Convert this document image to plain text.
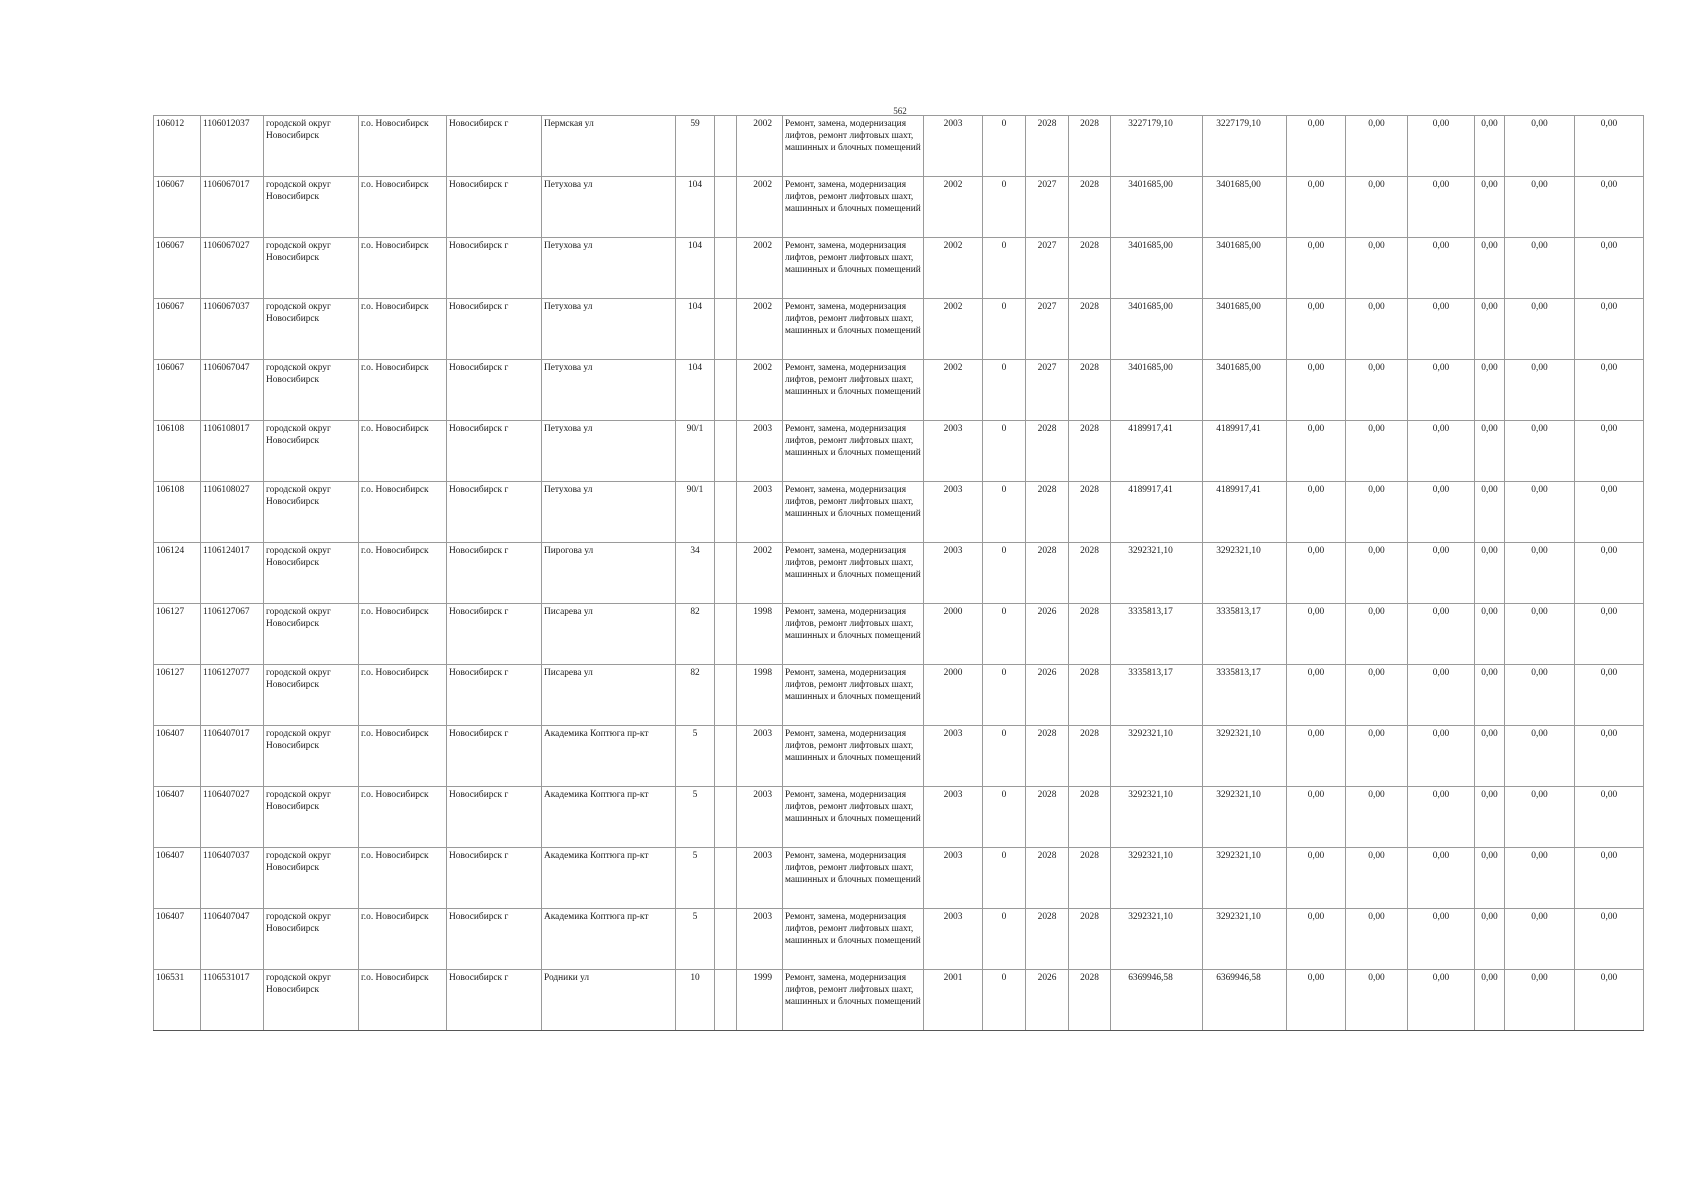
562
106012	1106012037	городской округ Новосибирск	г.о. Новосибирск	Новосибирск г	Пермская ул	59		2002	Ремонт, замена, модернизация лифтов, ремонт лифтовых шахт, машинных и блочных помещений	2003	0	2028	2028	3227179,10	3227179,10	0,00	0,00	0,00	0,00	0,00	0,00
106067	1106067017	городской округ Новосибирск	г.о. Новосибирск	Новосибирск г	Петухова ул	104		2002	Ремонт, замена, модернизация лифтов, ремонт лифтовых шахт, машинных и блочных помещений	2002	0	2027	2028	3401685,00	3401685,00	0,00	0,00	0,00	0,00	0,00	0,00
106067	1106067027	городской округ Новосибирск	г.о. Новосибирск	Новосибирск г	Петухова ул	104		2002	Ремонт, замена, модернизация лифтов, ремонт лифтовых шахт, машинных и блочных помещений	2002	0	2027	2028	3401685,00	3401685,00	0,00	0,00	0,00	0,00	0,00	0,00
106067	1106067037	городской округ Новосибирск	г.о. Новосибирск	Новосибирск г	Петухова ул	104		2002	Ремонт, замена, модернизация лифтов, ремонт лифтовых шахт, машинных и блочных помещений	2002	0	2027	2028	3401685,00	3401685,00	0,00	0,00	0,00	0,00	0,00	0,00
106067	1106067047	городской округ Новосибирск	г.о. Новосибирск	Новосибирск г	Петухова ул	104		2002	Ремонт, замена, модернизация лифтов, ремонт лифтовых шахт, машинных и блочных помещений	2002	0	2027	2028	3401685,00	3401685,00	0,00	0,00	0,00	0,00	0,00	0,00
106108	1106108017	городской округ Новосибирск	г.о. Новосибирск	Новосибирск г	Петухова ул	90/1		2003	Ремонт, замена, модернизация лифтов, ремонт лифтовых шахт, машинных и блочных помещений	2003	0	2028	2028	4189917,41	4189917,41	0,00	0,00	0,00	0,00	0,00	0,00
106108	1106108027	городской округ Новосибирск	г.о. Новосибирск	Новосибирск г	Петухова ул	90/1		2003	Ремонт, замена, модернизация лифтов, ремонт лифтовых шахт, машинных и блочных помещений	2003	0	2028	2028	4189917,41	4189917,41	0,00	0,00	0,00	0,00	0,00	0,00
106124	1106124017	городской округ Новосибирск	г.о. Новосибирск	Новосибирск г	Пирогова ул	34		2002	Ремонт, замена, модернизация лифтов, ремонт лифтовых шахт, машинных и блочных помещений	2003	0	2028	2028	3292321,10	3292321,10	0,00	0,00	0,00	0,00	0,00	0,00
106127	1106127067	городской округ Новосибирск	г.о. Новосибирск	Новосибирск г	Писарева ул	82		1998	Ремонт, замена, модернизация лифтов, ремонт лифтовых шахт, машинных и блочных помещений	2000	0	2026	2028	3335813,17	3335813,17	0,00	0,00	0,00	0,00	0,00	0,00
106127	1106127077	городской округ Новосибирск	г.о. Новосибирск	Новосибирск г	Писарева ул	82		1998	Ремонт, замена, модернизация лифтов, ремонт лифтовых шахт, машинных и блочных помещений	2000	0	2026	2028	3335813,17	3335813,17	0,00	0,00	0,00	0,00	0,00	0,00
106407	1106407017	городской округ Новосибирск	г.о. Новосибирск	Новосибирск г	Академика Коптюга пр-кт	5		2003	Ремонт, замена, модернизация лифтов, ремонт лифтовых шахт, машинных и блочных помещений	2003	0	2028	2028	3292321,10	3292321,10	0,00	0,00	0,00	0,00	0,00	0,00
106407	1106407027	городской округ Новосибирск	г.о. Новосибирск	Новосибирск г	Академика Коптюга пр-кт	5		2003	Ремонт, замена, модернизация лифтов, ремонт лифтовых шахт, машинных и блочных помещений	2003	0	2028	2028	3292321,10	3292321,10	0,00	0,00	0,00	0,00	0,00	0,00
106407	1106407037	городской округ Новосибирск	г.о. Новосибирск	Новосибирск г	Академика Коптюга пр-кт	5		2003	Ремонт, замена, модернизация лифтов, ремонт лифтовых шахт, машинных и блочных помещений	2003	0	2028	2028	3292321,10	3292321,10	0,00	0,00	0,00	0,00	0,00	0,00
106407	1106407047	городской округ Новосибирск	г.о. Новосибирск	Новосибирск г	Академика Коптюга пр-кт	5		2003	Ремонт, замена, модернизация лифтов, ремонт лифтовых шахт, машинных и блочных помещений	2003	0	2028	2028	3292321,10	3292321,10	0,00	0,00	0,00	0,00	0,00	0,00
106531	1106531017	городской округ Новосибирск	г.о. Новосибирск	Новосибирск г	Родники ул	10		1999	Ремонт, замена, модернизация лифтов, ремонт лифтовых шахт, машинных и блочных помещений	2001	0	2026	2028	6369946,58	6369946,58	0,00	0,00	0,00	0,00	0,00	0,00
